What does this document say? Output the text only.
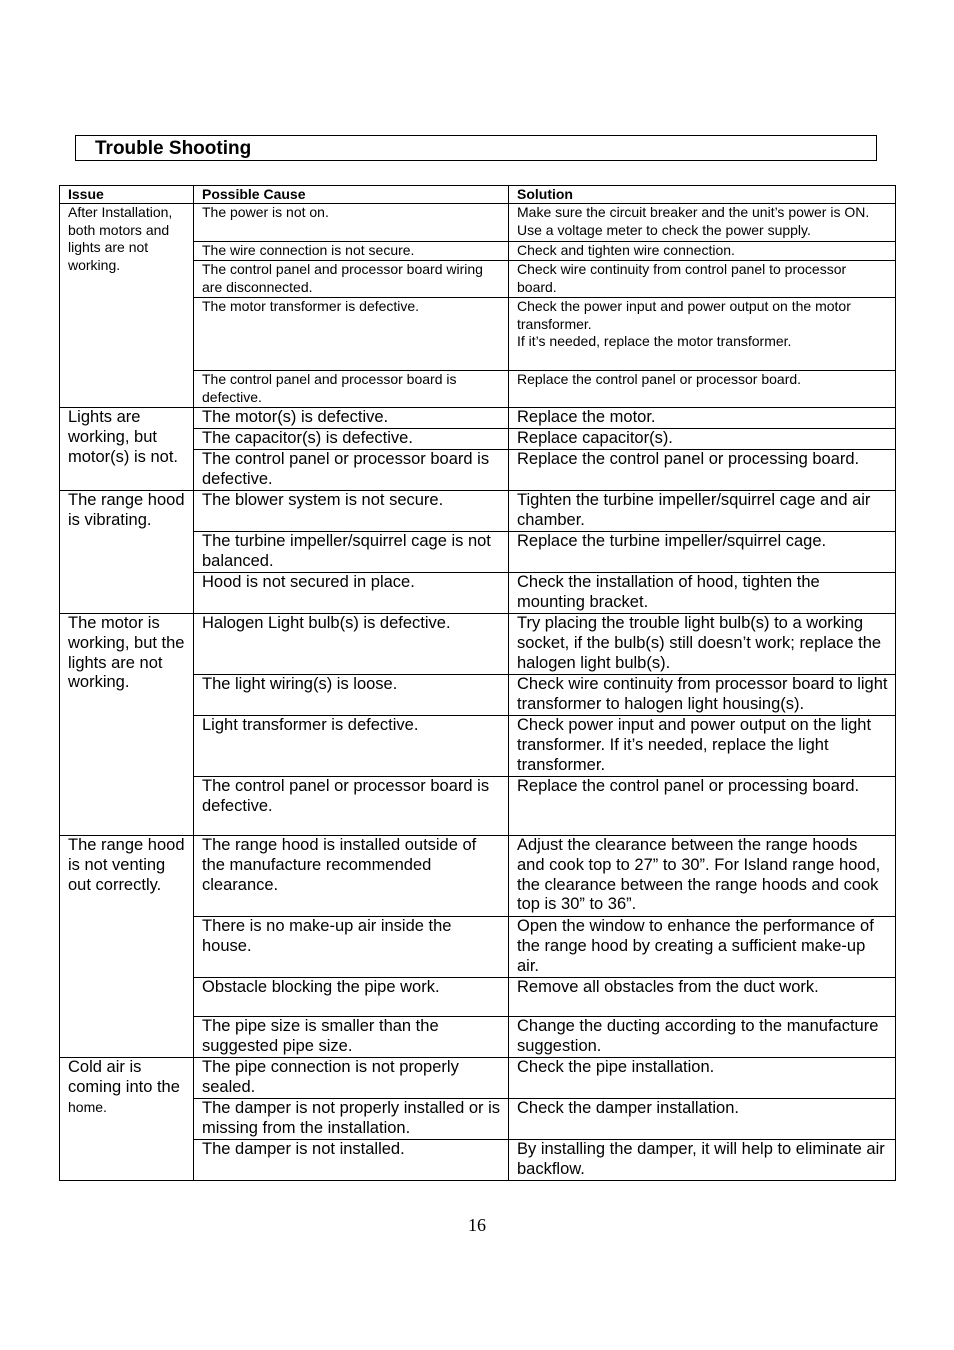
Trouble Shooting
Issue	Possible Cause	Solution
After Installation, both motors and lights are not working.	The power is not on.	Make sure the circuit breaker and the unit’s power is ON. Use a voltage meter to check the power supply.
	The wire connection is not secure.	Check and tighten wire connection.
	The control panel and processor board wiring are disconnected.	Check wire continuity from control panel to processor board.
	The motor transformer is defective.	Check the power input and power output on the motor transformer.
If it’s needed, replace the motor transformer.

	The control panel and processor board is defective.	Replace the control panel or processor board.
Lights are working, but motor(s) is not.	The motor(s) is defective.	Replace the motor.
	The capacitor(s) is defective.	Replace capacitor(s).
	The control panel or processor board is defective.	Replace the control panel or processing board.
The range hood is vibrating.	The blower system is not secure.	Tighten the turbine impeller/squirrel cage and air chamber.
	The turbine impeller/squirrel cage is not balanced.	Replace the turbine impeller/squirrel cage.
	Hood is not secured in place.	Check the installation of hood, tighten the mounting bracket.
The motor is working, but the lights are not working.	Halogen Light bulb(s) is defective.	Try placing the trouble light bulb(s) to a working socket, if the bulb(s) still doesn’t work; replace the halogen light bulb(s).
	The light wiring(s) is loose.	Check wire continuity from processor board to light transformer to halogen light housing(s).
	Light transformer is defective.	Check power input and power output on the light transformer. If it’s needed, replace the light transformer.
	The control panel or processor board is defective.	Replace the control panel or processing board.
The range hood is not venting out correctly.	The range hood is installed outside of the manufacture recommended clearance.	Adjust the clearance between the range hoods and cook top to 27” to 30”. For Island range hood, the clearance between the range hoods and cook top is 30” to 36”.
	There is no make-up air inside the house.	Open the window to enhance the performance of the range hood by creating a sufficient make-up air.
	Obstacle blocking the pipe work.	Remove all obstacles from the duct work.
	The pipe size is smaller than the suggested pipe size.	Change the ducting according to the manufacture suggestion.
Cold air is coming into the home.	The pipe connection is not properly sealed.	Check the pipe installation.
	The damper is not properly installed or is missing from the installation.	Check the damper installation.
	The damper is not installed.	By installing the damper, it will help to eliminate air backflow.
16
